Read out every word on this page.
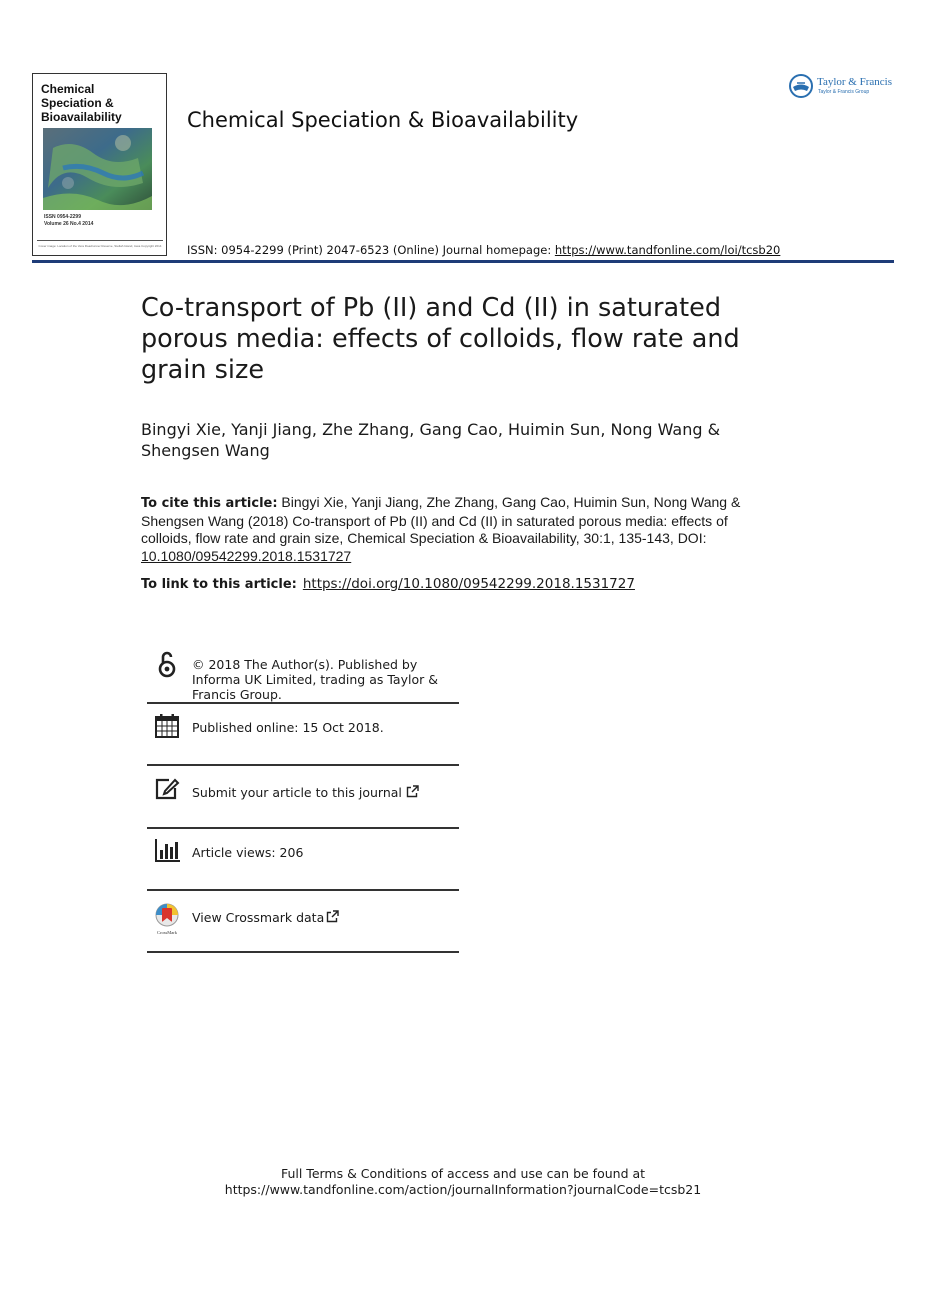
Chemical
Speciation &
Bioavailability
ISSN 0954-2299
Volume 26 No.4 2014
Cover image: Location of the Vera Roadrunner Reserve, Stellah Island, Iowa Copyright 2014
Chemical Speciation & Bioavailability
Taylor & Francis
Taylor & Francis Group
ISSN: 0954-2299 (Print) 2047-6523 (Online) Journal homepage: https://www.tandfonline.com/loi/tcsb20
Co-transport of Pb (II) and Cd (II) in saturated porous media: effects of colloids, flow rate and grain size
Bingyi Xie, Yanji Jiang, Zhe Zhang, Gang Cao, Huimin Sun, Nong Wang & Shengsen Wang
To cite this article: Bingyi Xie, Yanji Jiang, Zhe Zhang, Gang Cao, Huimin Sun, Nong Wang & Shengsen Wang (2018) Co-transport of Pb (II) and Cd (II) in saturated porous media: effects of colloids, flow rate and grain size, Chemical Speciation & Bioavailability, 30:1, 135-143, DOI: 10.1080/09542299.2018.1531727
To link to this article: https://doi.org/10.1080/09542299.2018.1531727
© 2018 The Author(s). Published by Informa UK Limited, trading as Taylor & Francis Group.
Published online: 15 Oct 2018.
Submit your article to this journal
Article views: 206
CrossMark
View Crossmark data
Full Terms & Conditions of access and use can be found at
https://www.tandfonline.com/action/journalInformation?journalCode=tcsb21
